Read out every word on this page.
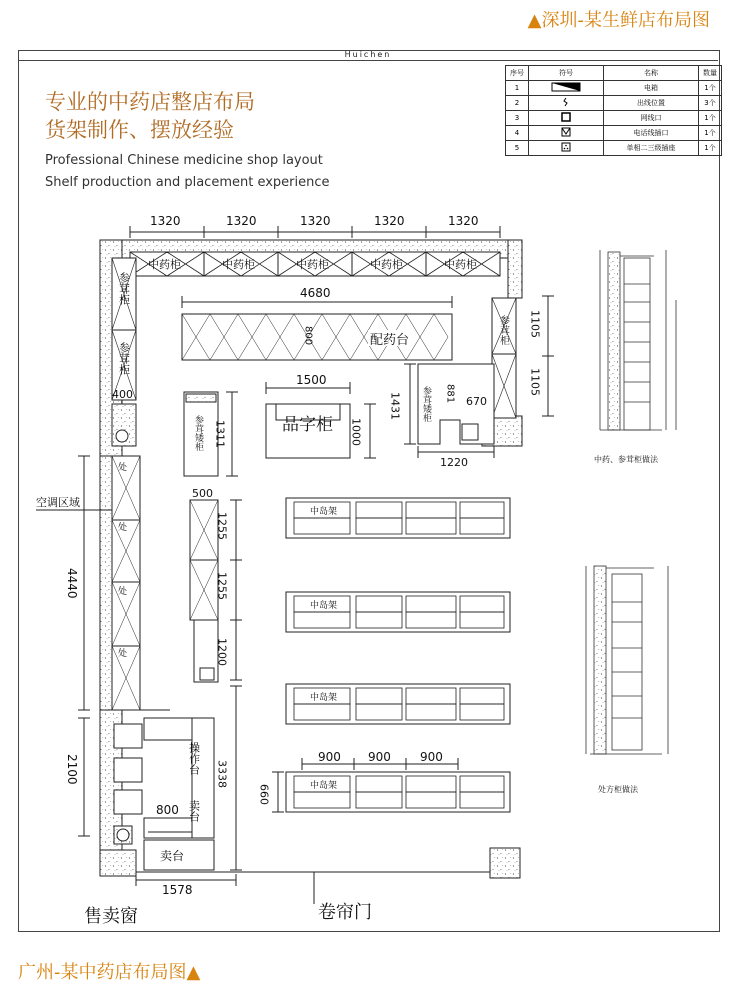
▲深圳-某生鲜店布局图
Huichen
专业的中药店整店布局
货架制作、摆放经验
Professional Chinese medicine shop layout
Shelf production and placement experience
序号	符号	名称	数量
1		电箱	1个
2		出线位置	3个
3		网线口	1个
4		电话线插口	1个
5		单相二三级插座	1个
中药柜	中药柜	中药柜	中药柜	中药柜
1320	1320	1320	1320	1320
参茸柜
参茸柜
400
配药台
4680
800	参茸柜 1105
1105
参茸矮柜 881 670
1431
1220
品字柜
1500
1000
参茸矮柜 1311
500
1255
1255
1200
处
处
处
处
空调区域
4440
2100	操作台
卖台
800
卖台
3338
中岛架
中岛架
中岛架
中岛架
900 900 900
660
1578
售卖窗	卷帘门
中药、参茸柜做法
处方柜做法
广州-某中药店布局图▲
